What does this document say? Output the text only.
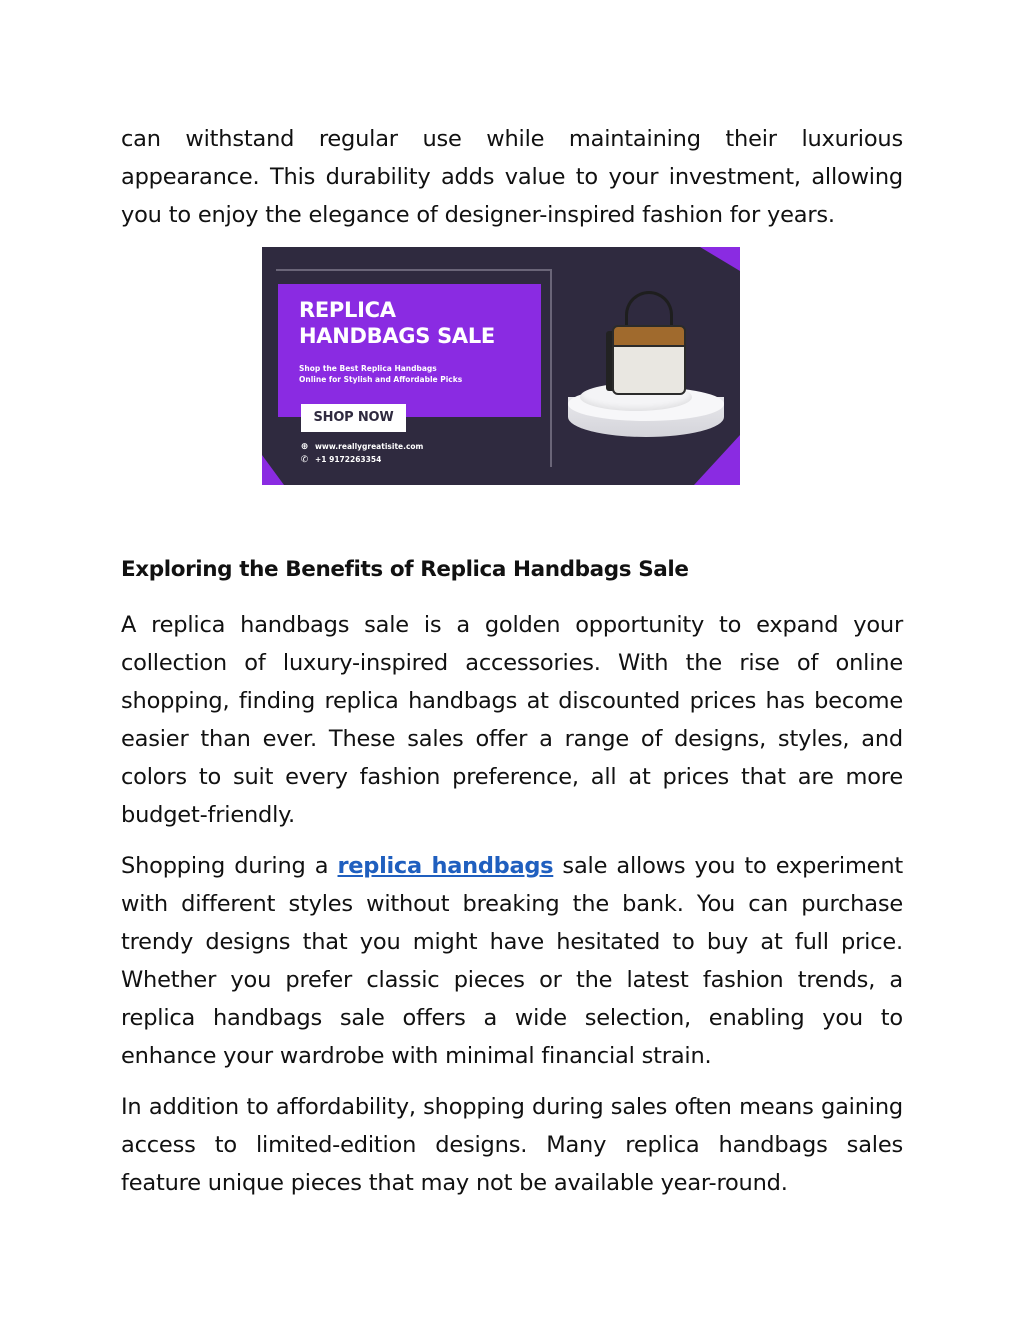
can withstand regular use while maintaining their luxurious appearance. This durability adds value to your investment, allowing you to enjoy the elegance of designer-inspired fashion for years.

REPLICA
HANDBAGS SALE
Shop the Best Replica Handbags
Online for Stylish and Affordable Picks
SHOP NOW
⊕ www.reallygreatisite.com
✆ +1 9172263354
Exploring the Benefits of Replica Handbags Sale

A replica handbags sale is a golden opportunity to expand your collection of luxury-inspired accessories. With the rise of online shopping, finding replica handbags at discounted prices has become easier than ever. These sales offer a range of designs, styles, and colors to suit every fashion preference, all at prices that are more budget-friendly.

Shopping during a replica handbags sale allows you to experiment with different styles without breaking the bank. You can purchase trendy designs that you might have hesitated to buy at full price. Whether you prefer classic pieces or the latest fashion trends, a replica handbags sale offers a wide selection, enabling you to enhance your wardrobe with minimal financial strain.

In addition to affordability, shopping during sales often means gaining access to limited-edition designs. Many replica handbags sales feature unique pieces that may not be available year-round.
